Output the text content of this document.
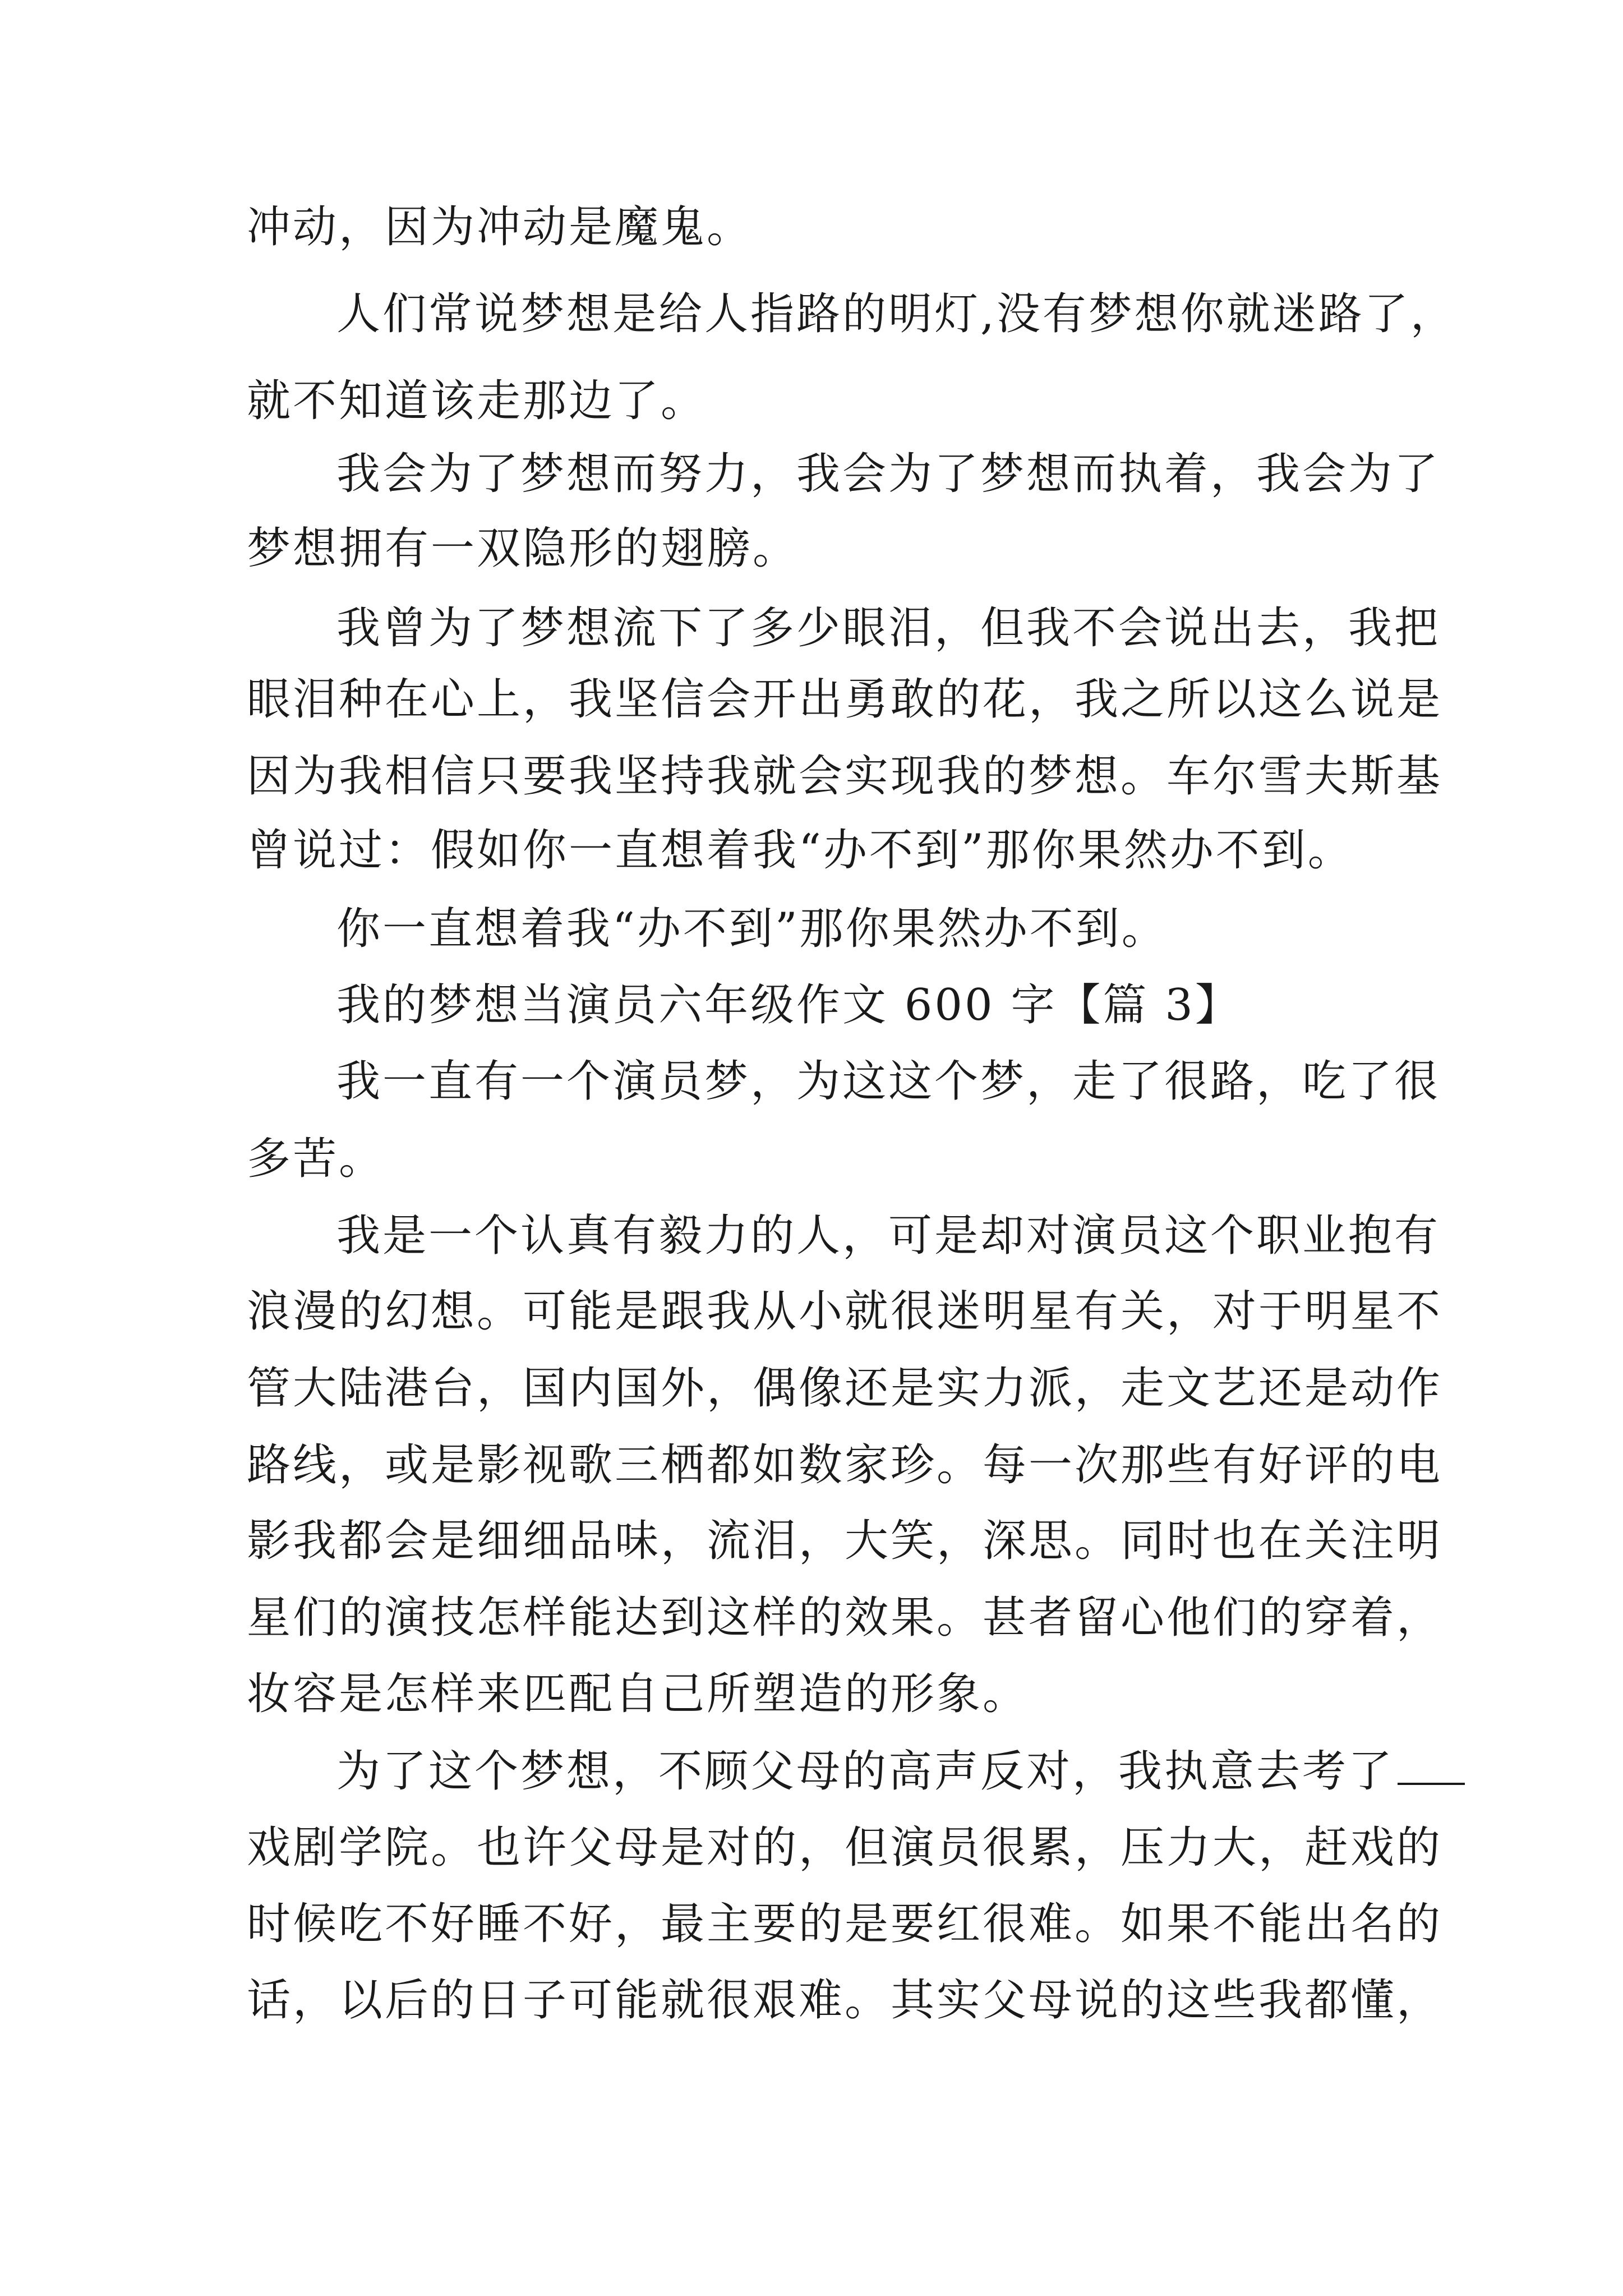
冲动，因为冲动是魔鬼。
人们常说梦想是给人指路的明灯,没有梦想你就迷路了，
就不知道该走那边了。
我会为了梦想而努力，我会为了梦想而执着，我会为了
梦想拥有一双隐形的翅膀。
我曾为了梦想流下了多少眼泪，但我不会说出去，我把
眼泪种在心上，我坚信会开出勇敢的花，我之所以这么说是
因为我相信只要我坚持我就会实现我的梦想。车尔雪夫斯基
曾说过：假如你一直想着我“办不到”那你果然办不到。
你一直想着我“办不到”那你果然办不到。
我的梦想当演员六年级作文 600 字【篇 3】
我一直有一个演员梦，为这这个梦，走了很路，吃了很
多苦。
我是一个认真有毅力的人，可是却对演员这个职业抱有
浪漫的幻想。可能是跟我从小就很迷明星有关，对于明星不
管大陆港台，国内国外，偶像还是实力派，走文艺还是动作
路线，或是影视歌三栖都如数家珍。每一次那些有好评的电
影我都会是细细品味，流泪，大笑，深思。同时也在关注明
星们的演技怎样能达到这样的效果。甚者留心他们的穿着，
妆容是怎样来匹配自己所塑造的形象。
为了这个梦想，不顾父母的高声反对，我执意去考了
戏剧学院。也许父母是对的，但演员很累，压力大，赶戏的
时候吃不好睡不好，最主要的是要红很难。如果不能出名的
话，以后的日子可能就很艰难。其实父母说的这些我都懂，
